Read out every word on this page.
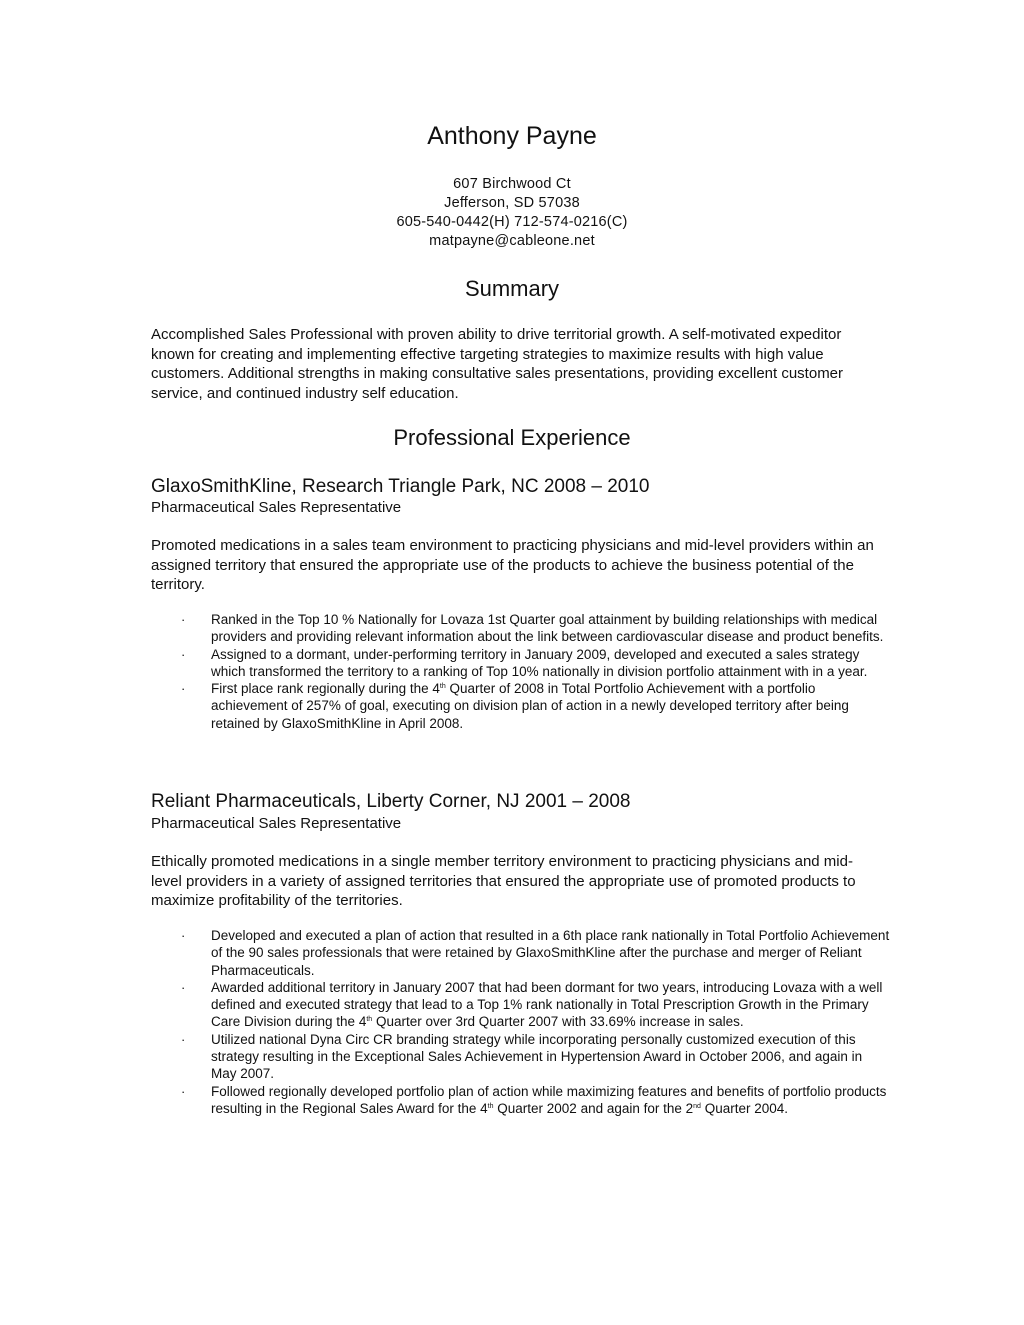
Anthony Payne
607 Birchwood Ct
Jefferson, SD 57038
605-540-0442(H) 712-574-0216(C)
matpayne@cableone.net
Summary

Accomplished Sales Professional with proven ability to drive territorial growth. A self-motivated expeditor known for creating and implementing effective targeting strategies to maximize results with high value customers. Additional strengths in making consultative sales presentations, providing excellent customer service, and continued industry self education.

Professional Experience
GlaxoSmithKline, Research Triangle Park, NC 2008 – 2010
Pharmaceutical Sales Representative

Promoted medications in a sales team environment to practicing physicians and mid-level providers within an assigned territory that ensured the appropriate use of the products to achieve the business potential of the territory.

· Ranked in the Top 10 % Nationally for Lovaza 1st Quarter goal attainment by building relationships with medical providers and providing relevant information about the link between cardiovascular disease and product benefits.
· Assigned to a dormant, under-performing territory in January 2009, developed and executed a sales strategy which transformed the territory to a ranking of Top 10% nationally in division portfolio attainment with in a year.
· First place rank regionally during the 4th Quarter of 2008 in Total Portfolio Achievement with a portfolio achievement of 257% of goal, executing on division plan of action in a newly developed territory after being retained by GlaxoSmithKline in April 2008.
Reliant Pharmaceuticals, Liberty Corner, NJ 2001 – 2008
Pharmaceutical Sales Representative

Ethically promoted medications in a single member territory environment to practicing physicians and mid-level providers in a variety of assigned territories that ensured the appropriate use of promoted products to maximize profitability of the territories.

· Developed and executed a plan of action that resulted in a 6th place rank nationally in Total Portfolio Achievement of the 90 sales professionals that were retained by GlaxoSmithKline after the purchase and merger of Reliant Pharmaceuticals.
· Awarded additional territory in January 2007 that had been dormant for two years, introducing Lovaza with a well defined and executed strategy that lead to a Top 1% rank nationally in Total Prescription Growth in the Primary Care Division during the 4th Quarter over 3rd Quarter 2007 with 33.69% increase in sales.
· Utilized national Dyna Circ CR branding strategy while incorporating personally customized execution of this strategy resulting in the Exceptional Sales Achievement in Hypertension Award in October 2006, and again in May 2007.
· Followed regionally developed portfolio plan of action while maximizing features and benefits of portfolio products resulting in the Regional Sales Award for the 4th Quarter 2002 and again for the 2nd Quarter 2004.
